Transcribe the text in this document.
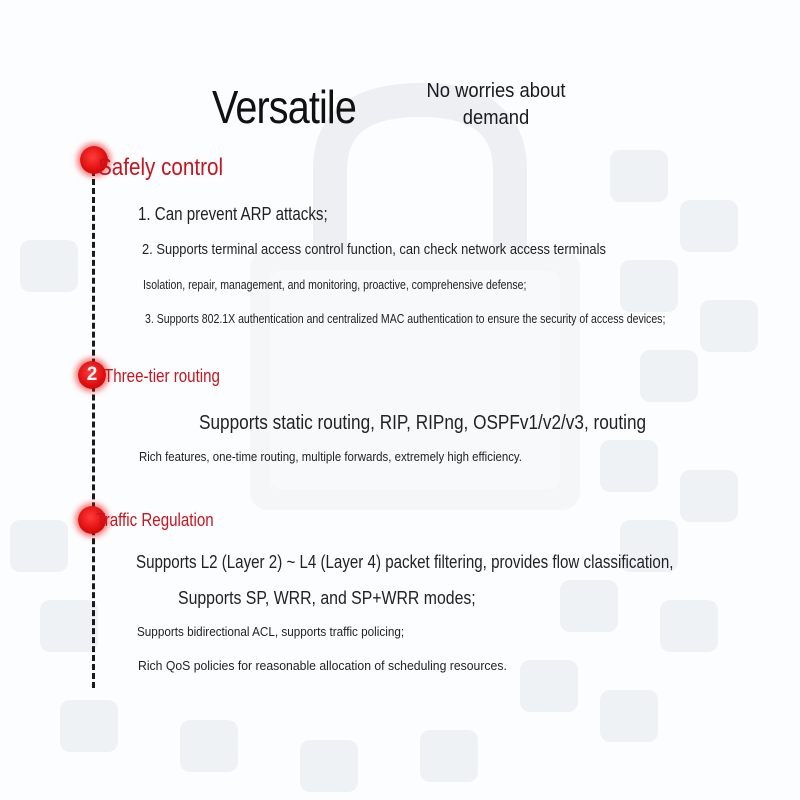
Versatile	No worries about demand
Safely control
1. Can prevent ARP attacks;
2. Supports terminal access control function, can check network access terminals
Isolation, repair, management, and monitoring, proactive, comprehensive defense;
3. Supports 802.1X authentication and centralized MAC authentication to ensure the security of access devices;
2 Three-tier routing
Supports static routing, RIP, RIPng, OSPFv1/v2/v3, routing
Rich features, one-time routing, multiple forwards, extremely high efficiency.
Traffic Regulation
Supports L2 (Layer 2) ~ L4 (Layer 4) packet filtering, provides flow classification,
Supports SP, WRR, and SP+WRR modes;
Supports bidirectional ACL, supports traffic policing;
Rich QoS policies for reasonable allocation of scheduling resources.
